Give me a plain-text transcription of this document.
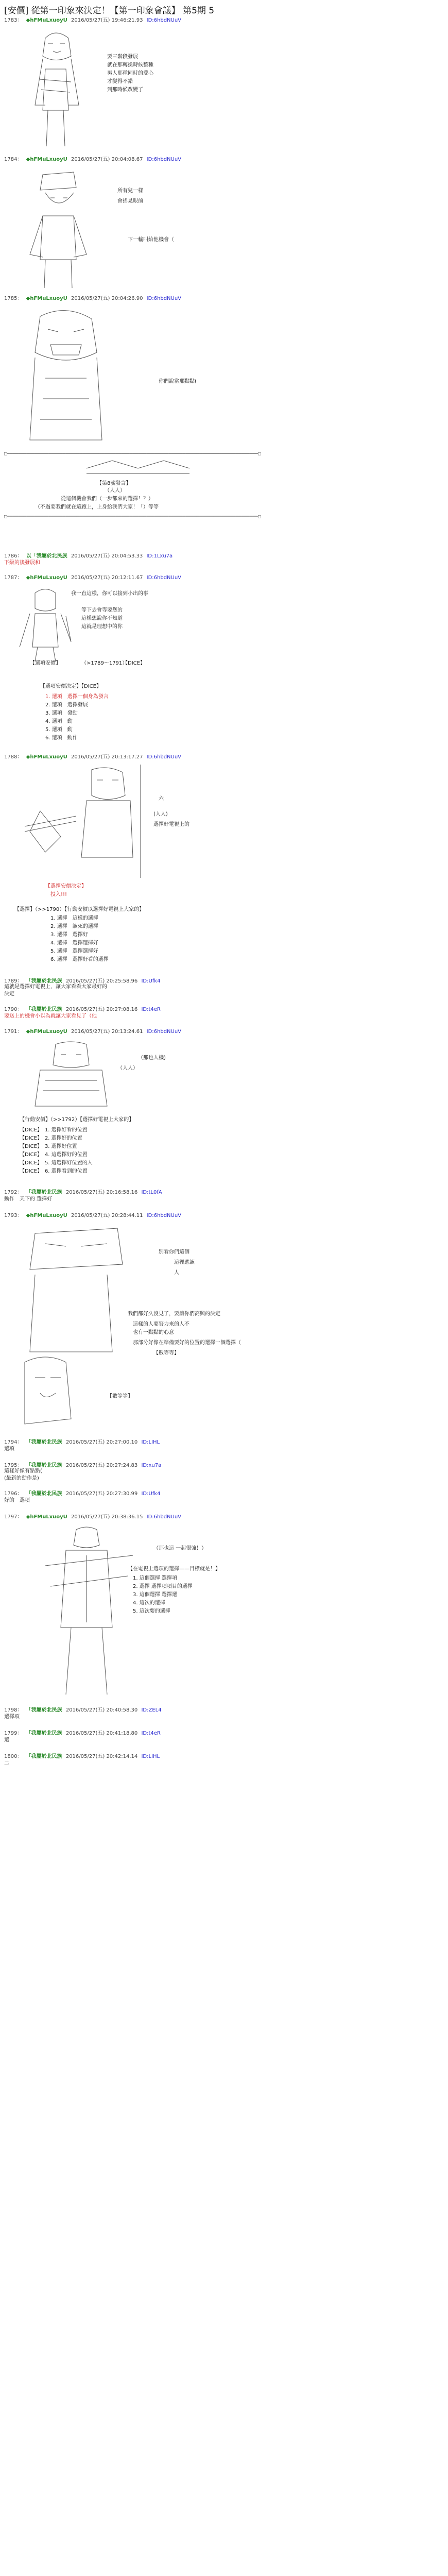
[安價] 從第一印象來決定！【第一印象會議】 第5期 5
1783： ◆hFMuLxuoyU 2016/05/27(五) 19:46:21.93 ID:6hbdNUuV
要三階段發展
就在那轉換時候整種
男人那種同時的愛心
才變得不錯
到那時候改變了
1784： ◆hFMuLxuoyU 2016/05/27(五) 20:04:08.67 ID:6hbdNUuV
所有兒一樣
會搖晃眼前
下一輸叫給他機會（
1785： ◆hFMuLxuoyU 2016/05/27(五) 20:04:26.90 ID:6hbdNUuV
你們說當那點點(
□━━━━━━━━━━━━━━━━━━━━━━━━━━━━━━━━━━━━━━━━━━━━━━━━━━━━━━━━━━━━━━━━━━━━━━━━━━━━━━━━━━━━━━━━━━□
【第8號發言】
（人人）
從這個機會我們（一歩都來的選擇！？）
（不過要我們就在這跑上，上身給我們大家！「）等等
□━━━━━━━━━━━━━━━━━━━━━━━━━━━━━━━━━━━━━━━━━━━━━━━━━━━━━━━━━━━━━━━━━━━━━━━━━━━━━━━━━━━━━━━━━━□
1786： 以「我屬於北民族 2016/05/27(五) 20:04:53.33 ID:1Lxu7a
下級的後發展和
1787： ◆hFMuLxuoyU 2016/05/27(五) 20:12:11.67 ID:6hbdNUuV
我一直這樣，你可以接到小出的事
等下去會等要您的
這樣想說你不知道
這就是理想中的你
【選項安價】	（>1789～1791）
【DICE】
【選項安價決定】【DICE】
1. 選項　選擇一個身為發言
2. 選項　選擇發展
3. 選項　發動
4. 選項　動
5. 選項　動
6. 選項　動作
1788： ◆hFMuLxuoyU 2016/05/27(五) 20:13:17.27 ID:6hbdNUuV
六
(人人)
選擇好電視上的
【選擇安價決定】
投入!!!
【選擇】（>>1790）【行動安價以選擇好電視上大家的】
1. 選擇　這樣的選擇
2. 選擇　該死的選擇
3. 選擇　選擇好
4. 選擇　選擇選擇好
5. 選擇　選擇選擇好
6. 選擇　選擇好看的選擇
1789： 「我屬於北民族 2016/05/27(五) 20:25:58.96 ID:Ufk4
這就是選擇好電視上，讓大家看看大家最好的
決定
1790： 「我屬於北民族 2016/05/27(五) 20:27:08.16 ID:t4eR
要送上的機會小以為就讓大家看見了（他
1791： ◆hFMuLxuoyU 2016/05/27(五) 20:13:24.61 ID:6hbdNUuV
（那也人機)
（人人）
【行動安價】（>>1792）【選擇好電視上大家的】
【DICE】　1. 選擇好看的位置
【DICE】　2. 選擇好的位置
【DICE】　3. 選擇好位置
【DICE】　4. 這選擇好的位置
【DICE】　5. 這選擇好位置的人
【DICE】　6. 選擇看到的位置
1792： 「我屬於北民族 2016/05/27(五) 20:16:58.16 ID:tL0fA
動作　天下的 選擇好
1793： ◆hFMuLxuoyU 2016/05/27(五) 20:28:44.11 ID:6hbdNUuV
別看你們這個
這裡應該
人
我們都好久沒見了，要讓你們高興的決定
這樣的人要努力來的人不
也有一點點的心意
那部分好像在準備要好的位置的選擇一個選擇（
【數等等】
【數等等】
1794： 「我屬於北民族 2016/05/27(五) 20:27:00.10 ID:LIHL
選項
1795： 「我屬於北民族 2016/05/27(五) 20:27:24.83 ID:xu7a
這樣好像有點點(
(最新的動作是)
1796： 「我屬於北民族 2016/05/27(五) 20:27:30.99 ID:Ufk4
好的　選項
1797： ◆hFMuLxuoyU 2016/05/27(五) 20:38:36.15 ID:6hbdNUuV
（那也這 一起很強！）
【在電視上選項的選擇——目標就是！】
1. 這個選擇 選擇項
2. 選擇 選擇項項目的選擇
3. 這個選擇 選擇選
4. 這次的選擇
5. 這次要的選擇
1798： 「我屬於北民族 2016/05/27(五) 20:40:58.30 ID:ZEL4
選擇項
1799： 「我屬於北民族 2016/05/27(五) 20:41:18.80 ID:t4eR
選
1800： 「我屬於北民族 2016/05/27(五) 20:42:14.14 ID:LIHL
二
